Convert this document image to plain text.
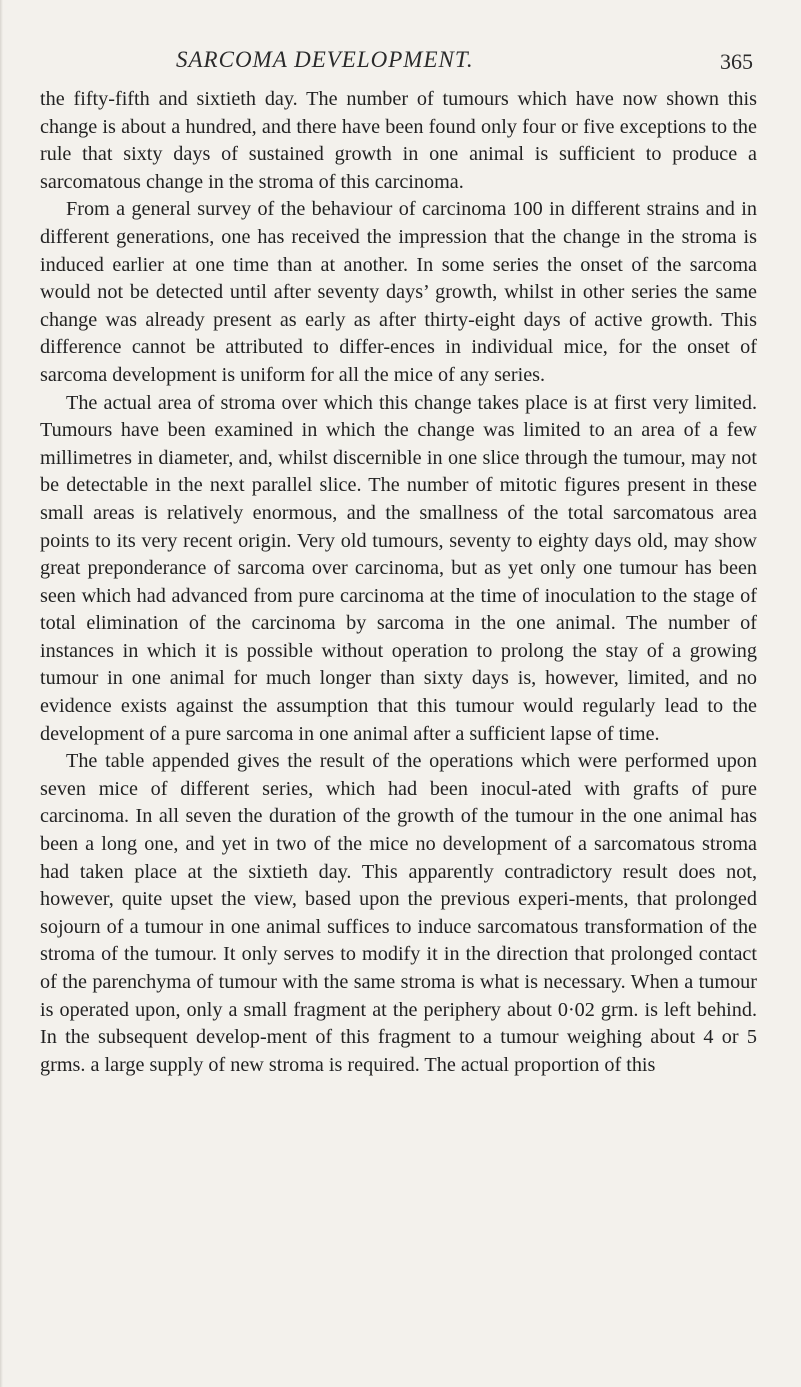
SARCOMA DEVELOPMENT.	365

the fifty-fifth and sixtieth day. The number of tumours which have now shown this change is about a hundred, and there have been found only four or five exceptions to the rule that sixty days of sustained growth in one animal is sufficient to produce a sarcomatous change in the stroma of this carcinoma.

From a general survey of the behaviour of carcinoma 100 in different strains and in different generations, one has received the impression that the change in the stroma is induced earlier at one time than at another. In some series the onset of the sarcoma would not be detected until after seventy days’ growth, whilst in other series the same change was already present as early as after thirty-eight days of active growth. This difference cannot be attributed to differ-ences in individual mice, for the onset of sarcoma development is uniform for all the mice of any series.

The actual area of stroma over which this change takes place is at first very limited. Tumours have been examined in which the change was limited to an area of a few millimetres in diameter, and, whilst discernible in one slice through the tumour, may not be detectable in the next parallel slice. The number of mitotic figures present in these small areas is relatively enormous, and the smallness of the total sarcomatous area points to its very recent origin. Very old tumours, seventy to eighty days old, may show great preponderance of sarcoma over carcinoma, but as yet only one tumour has been seen which had advanced from pure carcinoma at the time of inoculation to the stage of total elimination of the carcinoma by sarcoma in the one animal. The number of instances in which it is possible without operation to prolong the stay of a growing tumour in one animal for much longer than sixty days is, however, limited, and no evidence exists against the assumption that this tumour would regularly lead to the development of a pure sarcoma in one animal after a sufficient lapse of time.

The table appended gives the result of the operations which were performed upon seven mice of different series, which had been inocul-ated with grafts of pure carcinoma. In all seven the duration of the growth of the tumour in the one animal has been a long one, and yet in two of the mice no development of a sarcomatous stroma had taken place at the sixtieth day. This apparently contradictory result does not, however, quite upset the view, based upon the previous experi-ments, that prolonged sojourn of a tumour in one animal suffices to induce sarcomatous transformation of the stroma of the tumour. It only serves to modify it in the direction that prolonged contact of the parenchyma of tumour with the same stroma is what is necessary. When a tumour is operated upon, only a small fragment at the periphery about 0·02 grm. is left behind. In the subsequent develop-ment of this fragment to a tumour weighing about 4 or 5 grms. a large supply of new stroma is required. The actual proportion of this
